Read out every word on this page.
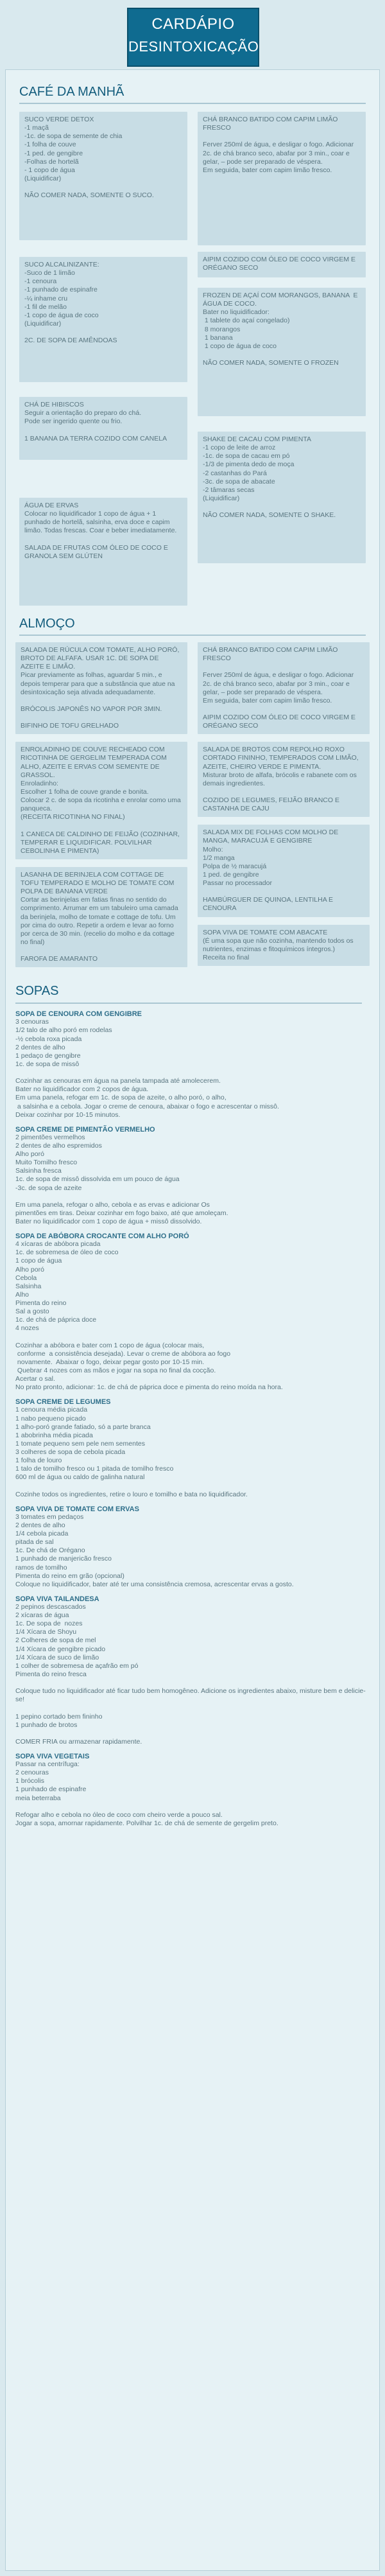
CARDÁPIO
DESINTOXICAÇÃO
CAFÉ DA MANHÃ
SUCO VERDE DETOX
-1 maçã
-1c. de sopa de semente de chia
-1 folha de couve
-1 ped. de gengibre
-Folhas de hortelã
- 1 copo de água
(Liquidificar)

NÃO COMER NADA, SOMENTE O SUCO.
SUCO ALCALINIZANTE:
-Suco de 1 limão
-1 cenoura
-1 punhado de espinafre
-¼ inhame cru
-1 fil de melão
-1 copo de água de coco
(Liquidificar)

2C. DE SOPA DE AMÊNDOAS
CHÁ DE HIBISCOS
Seguir a orientação do preparo do chá.
Pode ser ingerido quente ou frio.

1 BANANA DA TERRA COZIDO COM CANELA
ÁGUA DE ERVAS
Colocar no liquidificador 1 copo de água + 1 punhado de hortelã, salsinha, erva doce e capim limão. Todas frescas. Coar e beber imediatamente.

SALADA DE FRUTAS COM ÓLEO DE COCO E GRANOLA SEM GLÚTEN
CHÁ BRANCO BATIDO COM CAPIM LIMÃO
FRESCO

Ferver 250ml de água, e desligar o fogo. Adicionar 2c. de chá branco seco, abafar por 3 min., coar e gelar, – pode ser preparado de véspera.
Em seguida, bater com capim limão fresco.
AIPIM COZIDO COM ÓLEO DE COCO VIRGEM E ORÉGANO SECO
FROZEN DE AÇAÍ COM MORANGOS, BANANA  E ÁGUA DE COCO.
Bater no liquidificador:
1 tablete do açaí congelado)
8 morangos
1 banana
1 copo de água de coco

NÃO COMER NADA, SOMENTE O FROZEN
SHAKE DE CACAU COM PIMENTA
-1 copo de leite de arroz
-1c. de sopa de cacau em pó
-1/3 de pimenta dedo de moça
-2 castanhas do Pará
-3c. de sopa de abacate
-2 tâmaras secas
(Liquidificar)

NÃO COMER NADA, SOMENTE O SHAKE.
ALMOÇO
SALADA DE RÚCULA COM TOMATE, ALHO PORÓ, BROTO DE ALFAFA. USAR 1C. DE SOPA DE AZEITE E LIMÃO.
Picar previamente as folhas, aguardar 5 min., e depois temperar para que a substância que atue na desintoxicação seja ativada adequadamente.

BRÓCOLIS JAPONÊS NO VAPOR POR 3MIN.

BIFINHO DE TOFU GRELHADO
ENROLADINHO DE COUVE RECHEADO COM RICOTINHA DE GERGELIM TEMPERADA COM ALHO, AZEITE E ERVAS COM SEMENTE DE GRASSOL.
Enroladinho:
Escolher 1 folha de couve grande e bonita.
Colocar 2 c. de sopa da ricotinha e enrolar como uma panqueca.
(RECEITA RICOTINHA NO FINAL)

1 CANECA DE CALDINHO DE FEIJÃO (COZINHAR, TEMPERAR E LIQUIDIFICAR. POLVILHAR CEBOLINHA E PIMENTA)
LASANHA DE BERINJELA COM COTTAGE DE TOFU TEMPERADO E MOLHO DE TOMATE COM POLPA DE BANANA VERDE
Cortar as berinjelas em fatias finas no sentido do comprimento. Arrumar em um tabuleiro uma camada da berinjela, molho de tomate e cottage de tofu. Um por cima do outro. Repetir a ordem e levar ao forno por cerca de 30 min. (recelio do molho e da cottage no final)

FAROFA DE AMARANTO
CHÁ BRANCO BATIDO COM CAPIM LIMÃO FRESCO

Ferver 250ml de água, e desligar o fogo. Adicionar 2c. de chá branco seco, abafar por 3 min., coar e gelar, – pode ser preparado de véspera.
Em seguida, bater com capim limão fresco.

AIPIM COZIDO COM ÓLEO DE COCO VIRGEM E ORÉGANO SECO
SALADA DE BROTOS COM REPOLHO ROXO CORTADO FININHO, TEMPERADOS COM LIMÃO, AZEITE, CHEIRO VERDE E PIMENTA.
Misturar broto de alfafa, brócolis e rabanete com os demais ingredientes.

COZIDO DE LEGUMES, FEIJÃO BRANCO E CASTANHA DE CAJU
SALADA MIX DE FOLHAS COM MOLHO DE MANGA, MARACUJÁ E GENGIBRE
Molho:
1/2 manga
Polpa de ½ maracujá
1 ped. de gengibre
Passar no processador

HAMBÚRGUER DE QUINOA, LENTILHA E CENOURA
SOPA VIVA DE TOMATE COM ABACATE
(É uma sopa que não cozinha, mantendo todos os nutrientes, enzimas e fitoquímicos íntegros.)
Receita no final
SOPAS
SOPA DE CENOURA COM GENGIBRE
3 cenouras
1/2 talo de alho poró em rodelas
-½ cebola roxa picada
2 dentes de alho
1 pedaço de gengibre
1c. de sopa de missô

Cozinhar as cenouras em água na panela tampada até amolecerem.
Bater no liquidificador com 2 copos de água.
Em uma panela, refogar em 1c. de sopa de azeite, o alho poró, o alho,
a salsinha e a cebola. Jogar o creme de cenoura, abaixar o fogo e acrescentar o missô.
Deixar cozinhar por 10-15 minutos.
SOPA CREME DE PIMENTÃO VERMELHO
2 pimentões vermelhos
2 dentes de alho espremidos
Alho poró
Muito Tomilho fresco
Salsinha fresca
1c. de sopa de missô dissolvida em um pouco de água
-3c. de sopa de azeite

Em uma panela, refogar o alho, cebola e as ervas e adicionar Os
pimentões em tiras. Deixar cozinhar em fogo baixo, até que amoleçam.
Bater no liquidificador com 1 copo de água + missô dissolvido.
SOPA DE ABÓBORA CROCANTE COM ALHO PORÓ
4 xícaras de abóbora picada
1c. de sobremesa de óleo de coco
1 copo de água
Alho poró
Cebola
Salsinha
Alho
Pimenta do reino
Sal a gosto
1c. de chá de páprica doce
4 nozes

Cozinhar a abóbora e bater com 1 copo de água (colocar mais,
conforme  a consistência desejada). Levar o creme de abóbora ao fogo
novamente.  Abaixar o fogo, deixar pegar gosto por 10-15 min.
Quebrar 4 nozes com as mãos e jogar na sopa no final da cocção.
Acertar o sal.
No prato pronto, adicionar: 1c. de chá de páprica doce e pimenta do reino moída na hora.
SOPA CREME DE LEGUMES
1 cenoura média picada
1 nabo pequeno picado
1 alho-poró grande fatiado, só a parte branca
1 abobrinha média picada
1 tomate pequeno sem pele nem sementes
3 colheres de sopa de cebola picada
1 folha de louro
1 talo de tomilho fresco ou 1 pitada de tomilho fresco
600 ml de água ou caldo de galinha natural

Cozinhe todos os ingredientes, retire o louro e tomilho e bata no liquidificador.
SOPA VIVA DE TOMATE COM ERVAS
3 tomates em pedaços
2 dentes de alho
1/4 cebola picada
pitada de sal
1c. De chá de Orégano
1 punhado de manjericão fresco
ramos de tomilho
Pimenta do reino em grão (opcional)
Coloque no liquidificador, bater até ter uma consistência cremosa, acrescentar ervas a gosto.
SOPA VIVA TAILANDESA
2 pepinos descascados
2 xícaras de água
1c. De sopa de  nozes
1/4 Xícara de Shoyu
2 Colheres de sopa de mel
1/4 Xícara de gengibre picado
1/4 Xícara de suco de limão
1 colher de sobremesa de açafrão em pó
Pimenta do reino fresca

Coloque tudo no liquidificador até ficar tudo bem homogêneo. Adicione os ingredientes abaixo, misture bem e delicie-se!

1 pepino cortado bem fininho
1 punhado de brotos

COMER FRIA ou armazenar rapidamente.
SOPA VIVA VEGETAIS
Passar na centrífuga:
2 cenouras
1 brócolis
1 punhado de espinafre
meia beterraba

Refogar alho e cebola no óleo de coco com cheiro verde a pouco sal.
Jogar a sopa, amornar rapidamente. Polvilhar 1c. de chá de semente de gergelim preto.
